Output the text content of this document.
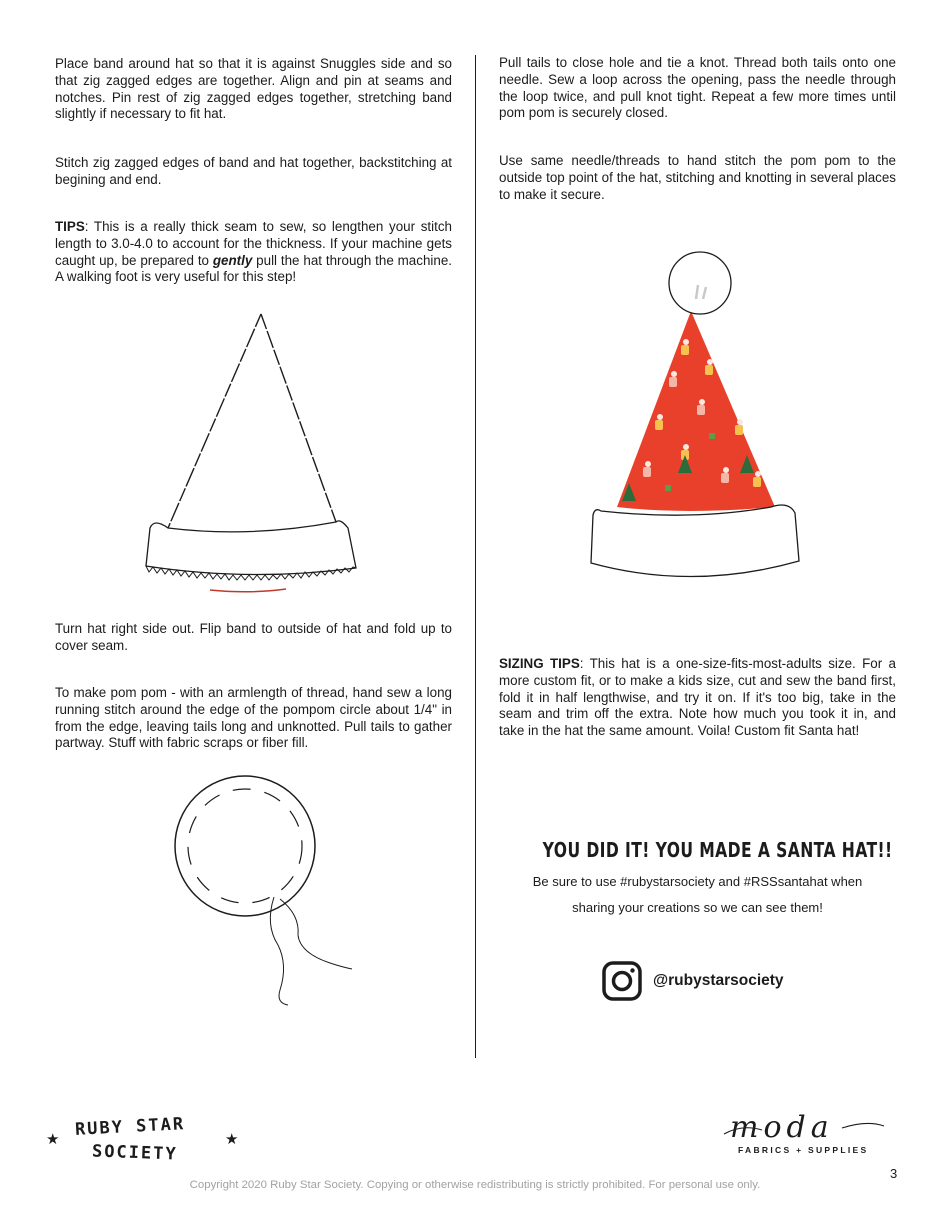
Place band around hat so that it is against Snuggles side and so that zig zagged edges are together. Align and pin at seams and notches. Pin rest of zig zagged edges together, stretching band slightly if necessary to fit hat.

Stitch zig zagged edges of band and hat together, backstitching at begining and end.

TIPS: This is a really thick seam to sew, so lengthen your stitch length to 3.0-4.0 to account for the thickness. If your machine gets caught up, be prepared to gently pull the hat through the machine. A walking foot is very useful for this step!

Turn hat right side out. Flip band to outside of hat and fold up to cover seam.

To make pom pom - with an armlength of thread, hand sew a long running stitch around the edge of the pompom circle about 1/4" in from the edge, leaving tails long and unknotted. Pull tails to gather partway. Stuff with fabric scraps or fiber fill.

Pull tails to close hole and tie a knot. Thread both tails onto one needle. Sew a loop across the opening, pass the needle through the loop twice, and pull knot tight. Repeat a few more times until pom pom is securely closed.

Use same needle/threads to hand stitch the pom pom to the outside top point of the hat, stitching and knotting in several places to make it secure.

SIZING TIPS: This hat is a one-size-fits-most-adults size. For a more custom fit, or to make a kids size, cut and sew the band first, fold it in half lengthwise, and try it on. If it's too big, take in the seam and trim off the extra. Note how much you took it in, and take in the hat the same amount. Voila! Custom fit Santa hat!

YOU DID IT! YOU MADE A SANTA HAT!!
Be sure to use #rubystarsociety and #RSSsantahat when
sharing your creations so we can see them!
@rubystarsociety
★ RUBY STAR
SOCIETY
★	moda
FABRICS + SUPPLIES
3
Copyright 2020 Ruby Star Society. Copying or otherwise redistributing is strictly prohibited. For personal use only.
